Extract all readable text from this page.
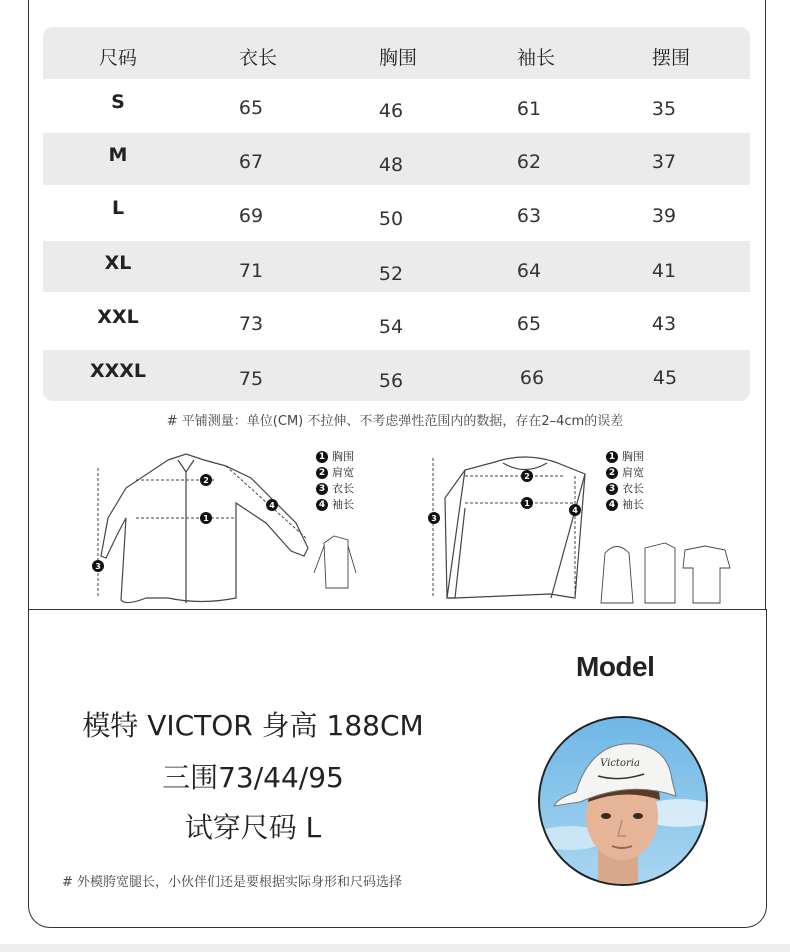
尺码	衣长	胸围	袖长	摆围
S	65	46	61	35
M	67	48	62	37
L	69	50	63	39
XL	71	52	64	41
XXL	73	54	65	43
XXXL	75	56	66	45
# 平铺测量：单位(CM) 不拉伸、不考虑弹性范围内的数据，存在2–4cm的误差
1
2
3
4
1 胸围
2 肩宽
3 衣长
4 袖长
2
1
3
4
1 胸围
2 肩宽
3 衣长
4 袖长
Model
模特 VICTOR 身高 188CM
三围73/44/95
试穿尺码 L
# 外模胯宽腿长，小伙伴们还是要根据实际身形和尺码选择
Victoria
